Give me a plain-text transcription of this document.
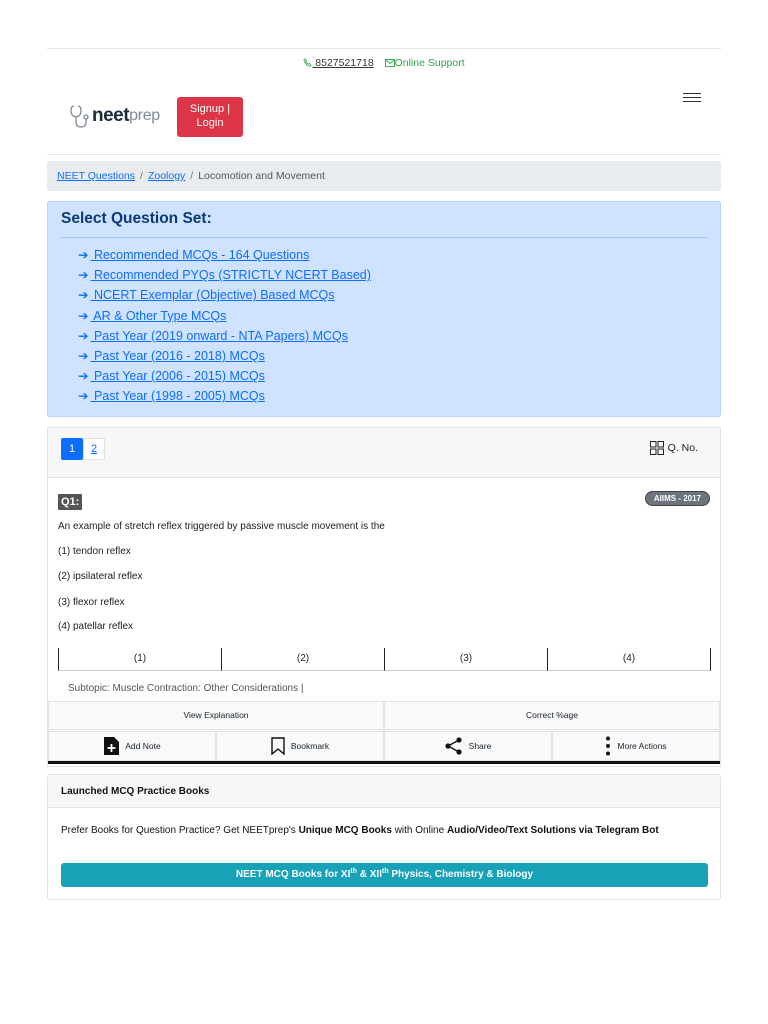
8527521718 Online Support
neet prep	Signup |
Login
NEET Questions / Zoology / Locomotion and Movement
Select Question Set:
➔ Recommended MCQs - 164 Questions
➔ Recommended PYQs (STRICTLY NCERT Based)
➔ NCERT Exemplar (Objective) Based MCQs
➔ AR & Other Type MCQs
➔ Past Year (2019 onward - NTA Papers) MCQs
➔ Past Year (2016 - 2018) MCQs
➔ Past Year (2006 - 2015) MCQs
➔ Past Year (1998 - 2005) MCQs
1	2	Q. No.
Q1:	AIIMS - 2017
An example of stretch reflex triggered by passive muscle movement is the
(1) tendon reflex
(2) ipsilateral reflex
(3) flexor reflex
(4) patellar reflex
(1)	(2)	(3)	(4)
Subtopic: Muscle Contraction: Other Considerations |
View Explanation	Correct %age
Add Note	Bookmark	Share	More Actions
Launched MCQ Practice Books
Prefer Books for Question Practice? Get NEETprep's Unique MCQ Books with Online Audio/Video/Text Solutions via Telegram Bot
NEET MCQ Books for XIth & XIIth Physics, Chemistry & Biology
